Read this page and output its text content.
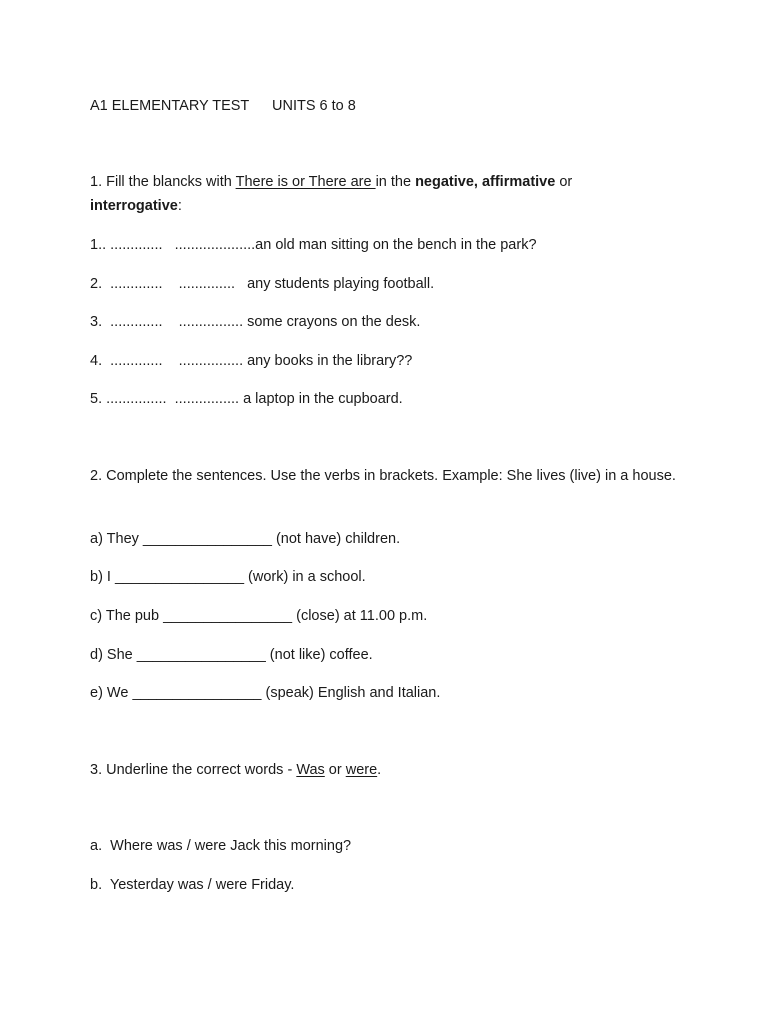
A1 ELEMENTARY TEST UNITS 6 to 8
1. Fill the blancks with There is or There are in the negative, affirmative or
interrogative:
1.. .............   ....................an old man sitting on the bench in the park?
2.  .............    ..............   any students playing football.
3.  .............    ................ some crayons on the desk.
4.  .............    ................ any books in the library??
5. ...............  ................ a laptop in the cupboard.
2. Complete the sentences. Use the verbs in brackets. Example: She lives (live) in a house.
a) They ________________ (not have) children.
b) I ________________ (work) in a school.
c) The pub ________________ (close) at 11.00 p.m.
d) She ________________ (not like) coffee.
e) We ________________ (speak) English and Italian.
3. Underline the correct words - Was or were.
a.  Where was / were Jack this morning?
b.  Yesterday was / were Friday.
